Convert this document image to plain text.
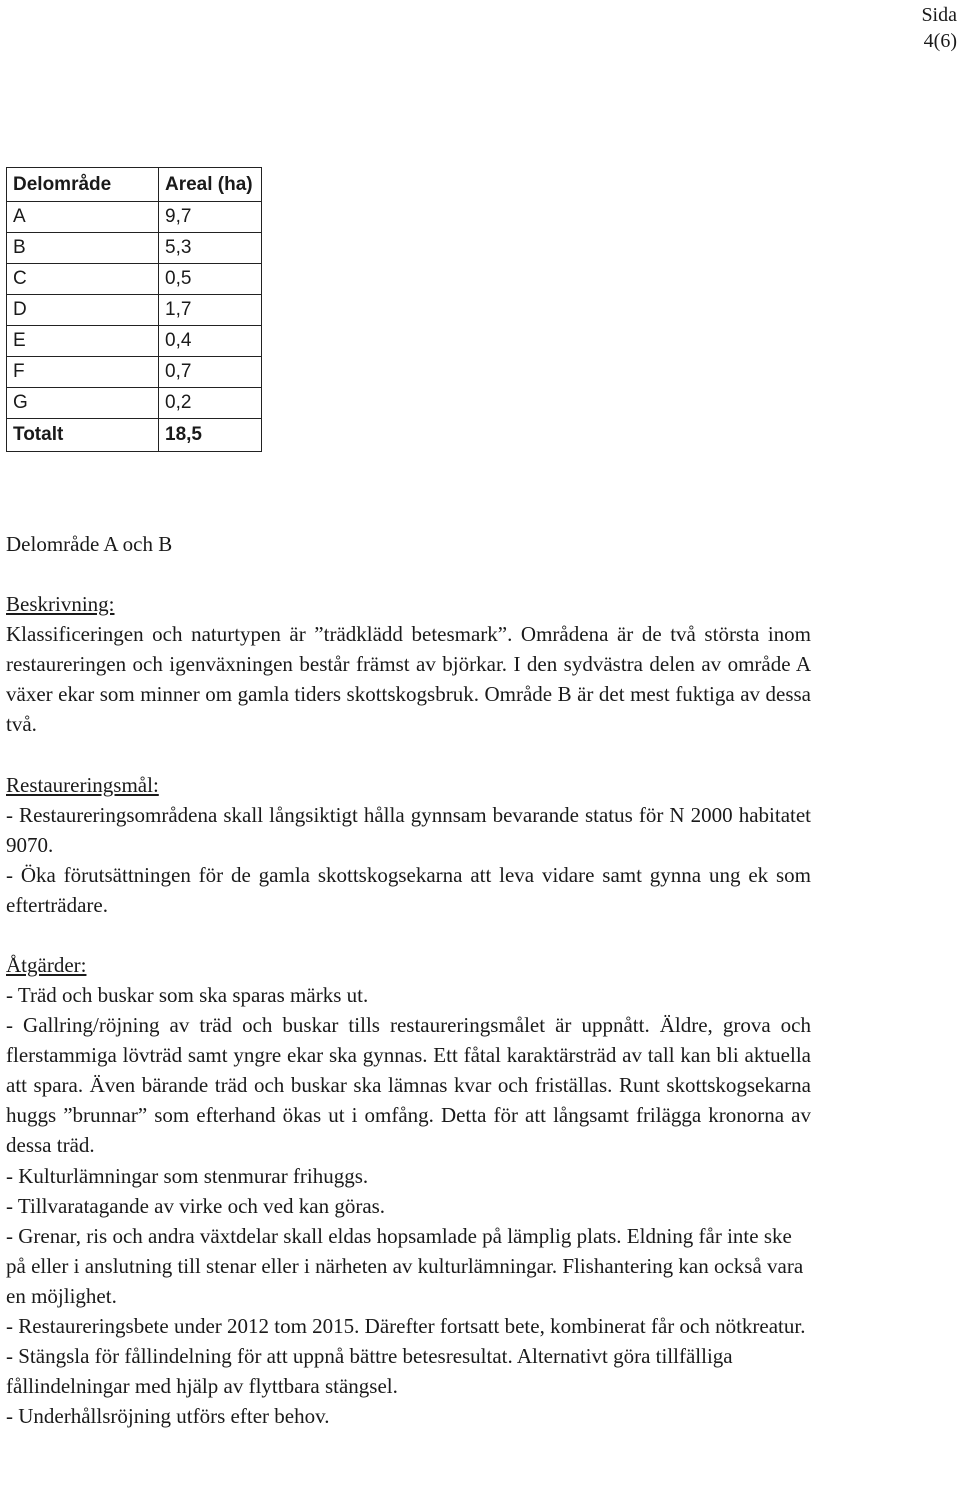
Sida
4(6)
Delområde	Areal (ha)
A	9,7
B	5,3
C	0,5
D	1,7
E	0,4
F	0,7
G	0,2
Totalt	18,5
Delområde A och B
Beskrivning:

Klassificeringen och naturtypen är ”trädklädd betesmark”. Områdena är de två största inom restaureringen och igenväxningen består främst av björkar. I den sydvästra delen av område A växer ekar som minner om gamla tiders skottskogsbruk. Område B är det mest fuktiga av dessa två.

Restaureringsmål:

- Restaureringsområdena skall långsiktigt hålla gynnsam bevarande status för N 2000 habitatet 9070.

- Öka förutsättningen för de gamla skottskogsekarna att leva vidare samt gynna ung ek som efterträdare.

Åtgärder:

- Träd och buskar som ska sparas märks ut.

- Gallring/röjning av träd och buskar tills restaureringsmålet är uppnått. Äldre, grova och flerstammiga lövträd samt yngre ekar ska gynnas. Ett fåtal karaktärsträd av tall kan bli aktuella att spara. Även bärande träd och buskar ska lämnas kvar och friställas. Runt skottskogsekarna huggs ”brunnar” som efterhand ökas ut i omfång. Detta för att långsamt frilägga kronorna av dessa träd.

- Kulturlämningar som stenmurar frihuggs.

- Tillvaratagande av virke och ved kan göras.

- Grenar, ris och andra växtdelar skall eldas hopsamlade på lämplig plats. Eldning får inte ske på eller i anslutning till stenar eller i närheten av kulturlämningar. Flishantering kan också vara en möjlighet.

- Restaureringsbete under 2012 tom 2015. Därefter fortsatt bete, kombinerat får och nötkreatur.

- Stängsla för fållindelning för att uppnå bättre betesresultat. Alternativt göra tillfälliga fållindelningar med hjälp av flyttbara stängsel.

- Underhållsröjning utförs efter behov.
